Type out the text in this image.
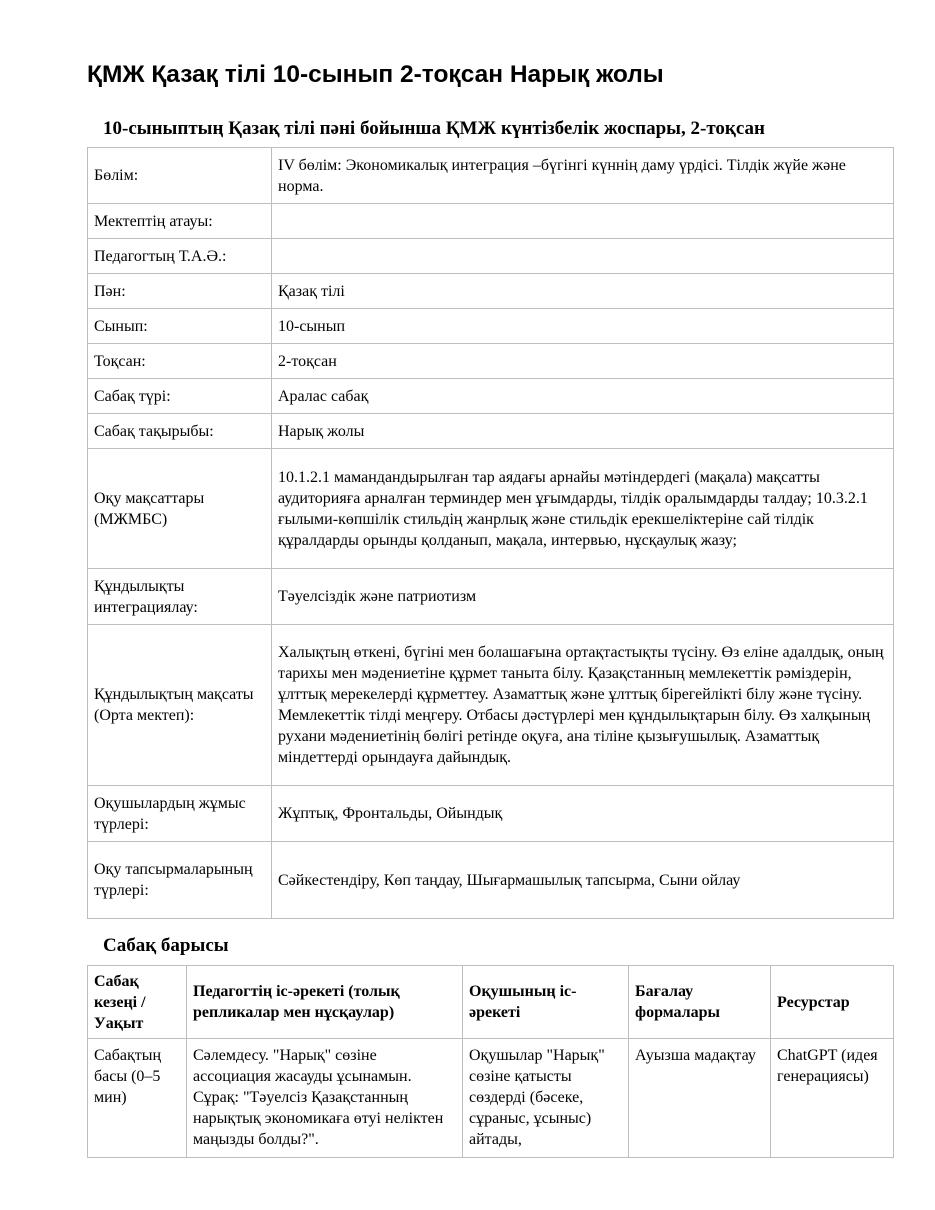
ҚМЖ Қазақ тілі 10-сынып 2-тоқсан Нарық жолы
10-сыныптың Қазақ тілі пәні бойынша ҚМЖ күнтізбелік жоспары, 2-тоқсан
Бөлім:	IV бөлім: Экономикалық интеграция –бүгінгі күннің даму үрдісі. Тілдік жүйе және норма.
Мектептің атауы:	
Педагогтың Т.А.Ә.:	
Пән:	Қазақ тілі
Сынып:	10-сынып
Тоқсан:	2-тоқсан
Сабақ түрі:	Аралас сабақ
Сабақ тақырыбы:	Нарық жолы
Оқу мақсаттары (МЖМБС)	10.1.2.1 мамандандырылған тар аядағы арнайы мәтіндердегі (мақала) мақсатты аудиторияға арналған терминдер мен ұғымдарды, тілдік оралымдарды талдау; 10.3.2.1 ғылыми-көпшілік стильдің жанрлық және стильдік ерекшеліктеріне сай тілдік құралдарды орынды қолданып, мақала, интервью, нұсқаулық жазу;
Құндылықты интеграциялау:	Тәуелсіздік және патриотизм
Құндылықтың мақсаты (Орта мектеп):	Халықтың өткені, бүгіні мен болашағына ортақтастықты түсіну. Өз еліне адалдық, оның тарихы мен мәдениетіне құрмет таныта білу. Қазақстанның мемлекеттік рәміздерін, ұлттық мерекелерді құрметтеу. Азаматтық және ұлттық бірегейлікті білу және түсіну. Мемлекеттік тілді меңгеру. Отбасы дәстүрлері мен құндылықтарын білу. Өз халқының рухани мәдениетінің бөлігі ретінде оқуға, ана тіліне қызығушылық. Азаматтық міндеттерді орындауға дайындық.
Оқушылардың жұмыс түрлері:	Жұптық, Фронтальды, Ойындық
Оқу тапсырмаларының түрлері:	Сәйкестендіру, Көп таңдау, Шығармашылық тапсырма, Сыни ойлау
Сабақ барысы
Сабақ кезеңі / Уақыт	Педагогтің іс-әрекеті (толық репликалар мен нұсқаулар)	Оқушының іс-әрекеті	Бағалау формалары	Ресурстар
Сабақтың басы (0–5 мин)	Сәлемдесу. "Нарық" сөзіне ассоциация жасауды ұсынамын. Сұрақ: "Тәуелсіз Қазақстанның нарықтық экономикаға өтуі неліктен маңызды болды?".	Оқушылар "Нарық" сөзіне қатысты сөздерді (бәсеке, сұраныс, ұсыныс) айтады,	Ауызша мадақтау	ChatGPT (идея генерациясы)
